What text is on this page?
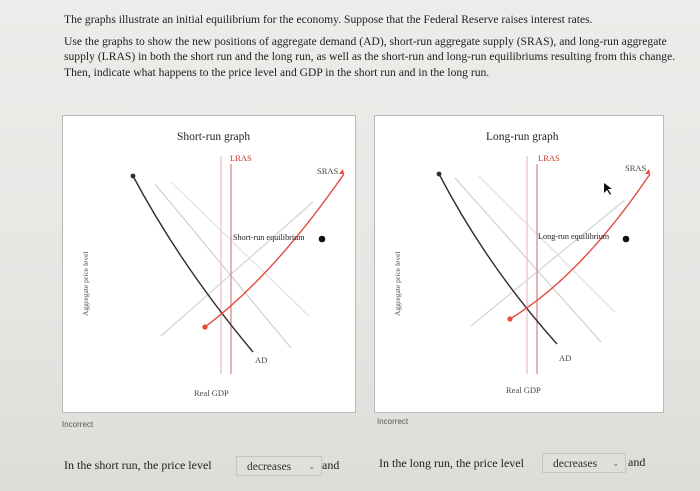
The graphs illustrate an initial equilibrium for the economy. Suppose that the Federal Reserve raises interest rates.

Use the graphs to show the new positions of aggregate demand (AD), short-run aggregate supply (SRAS), and long-run aggregate supply (LRAS) in both the short run and the long run, as well as the short-run and long-run equilibriums resulting from this change. Then, indicate what happens to the price level and GDP in the short run and in the long run.

Short-run graph
LRAS
SRAS
Short-run equilibrium
AD
Real GDP
Aggregate price level
Incorrect
Long-run graph
LRAS
SRAS
Long-run equilibrium
AD
Real GDP
Aggregate price level
Incorrect
In the short run, the price level	decreases ⌄ and	In the long run, the price level	decreases ⌄ and
